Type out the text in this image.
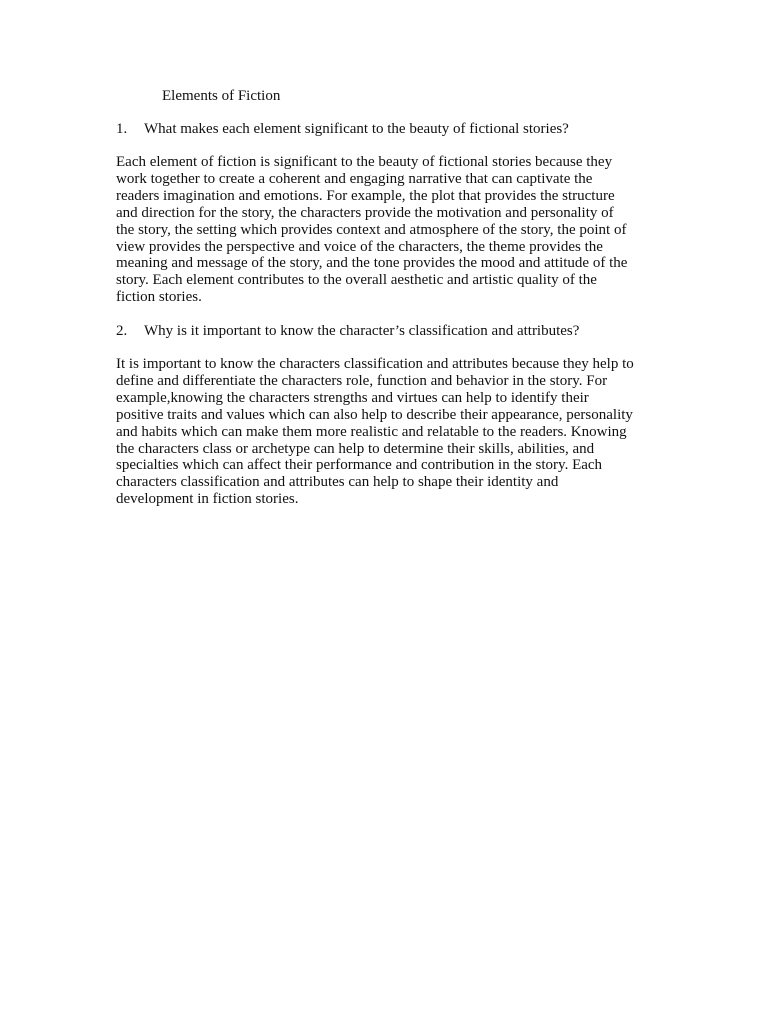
Elements of Fiction
1. What makes each element significant to the beauty of fictional stories?

Each element of fiction is significant to the beauty of fictional stories because they
work together to create a coherent and engaging narrative that can captivate the
readers imagination and emotions. For example, the plot that provides the structure
and direction for the story, the characters provide the motivation and personality of
the story, the setting which provides context and atmosphere of the story, the point of
view provides the perspective and voice of the characters, the theme provides the
meaning and message of the story, and the tone provides the mood and attitude of the
story. Each element contributes to the overall aesthetic and artistic quality of the
fiction stories.

2. Why is it important to know the character’s classification and attributes?

It is important to know the characters classification and attributes because they help to
define and differentiate the characters role, function and behavior in the story. For
example,knowing the characters strengths and virtues can help to identify their
positive traits and values which can also help to describe their appearance, personality
and habits which can make them more realistic and relatable to the readers. Knowing
the characters class or archetype can help to determine their skills, abilities, and
specialties which can affect their performance and contribution in the story. Each
characters classification and attributes can help to shape their identity and
development in fiction stories.
